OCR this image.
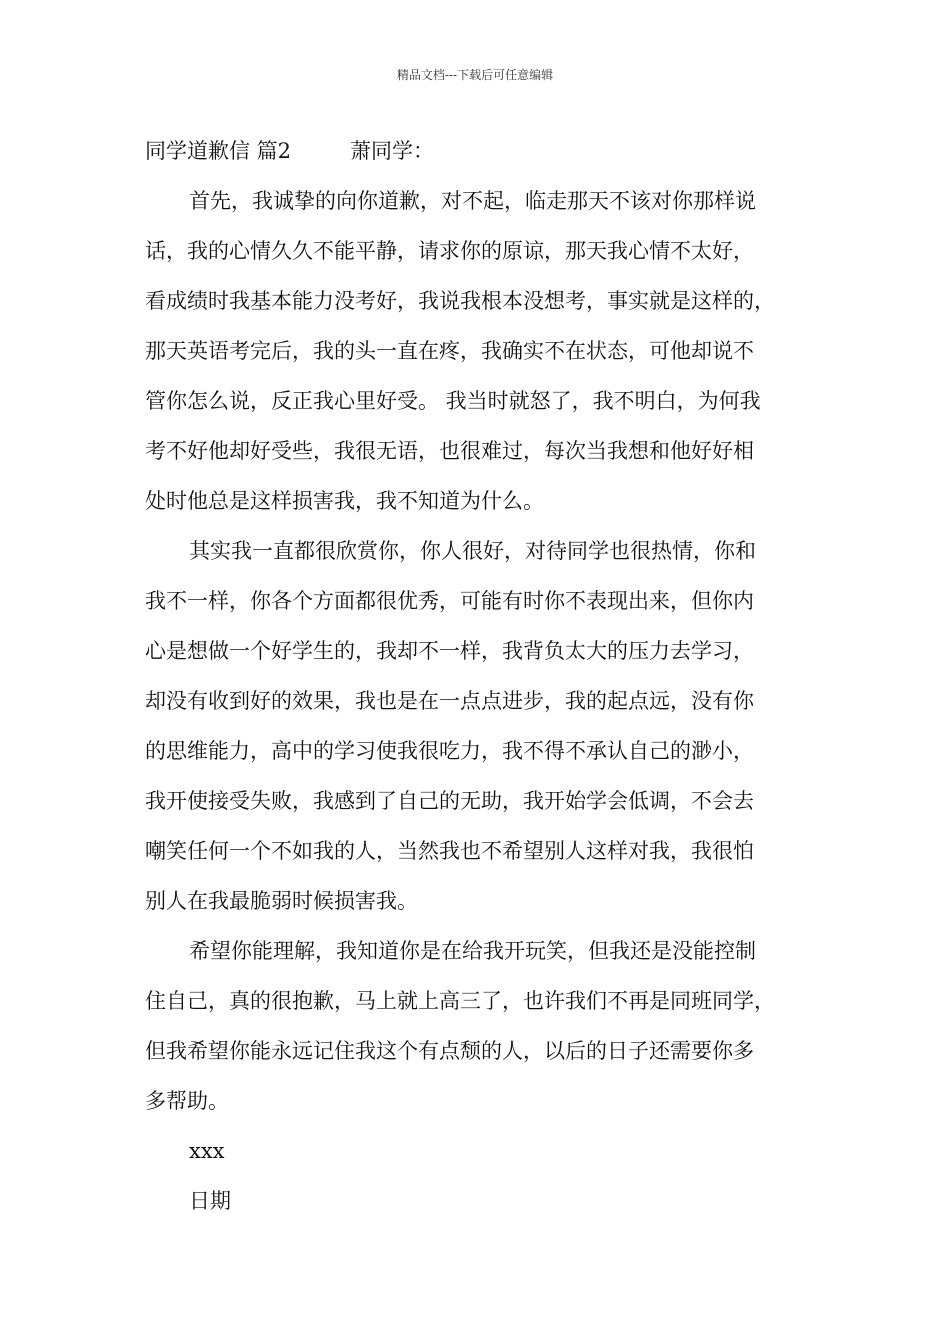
精品文档---下载后可任意编辑
同学道歉信 篇2	萧同学：
首先，我诚挚的向你道歉，对不起，临走那天不该对你那样说
话，我的心情久久不能平静，请求你的原谅，那天我心情不太好，
看成绩时我基本能力没考好，我说我根本没想考，事实就是这样的，
那天英语考完后，我的头一直在疼，我确实不在状态，可他却说不
管你怎么说，反正我心里好受。 我当时就怒了，我不明白，为何我
考不好他却好受些，我很无语，也很难过，每次当我想和他好好相
处时他总是这样损害我，我不知道为什么。
其实我一直都很欣赏你，你人很好，对待同学也很热情，你和
我不一样，你各个方面都很优秀，可能有时你不表现出来，但你内
心是想做一个好学生的，我却不一样，我背负太大的压力去学习，
却没有收到好的效果，我也是在一点点进步，我的起点远，没有你
的思维能力，高中的学习使我很吃力，我不得不承认自己的渺小，
我开使接受失败，我感到了自己的无助，我开始学会低调，不会去
嘲笑任何一个不如我的人，当然我也不希望别人这样对我，我很怕
别人在我最脆弱时候损害我。
希望你能理解，我知道你是在给我开玩笑，但我还是没能控制
住自己，真的很抱歉，马上就上高三了，也许我们不再是同班同学，
但我希望你能永远记住我这个有点颓的人，以后的日子还需要你多
多帮助。
xxx
日期
